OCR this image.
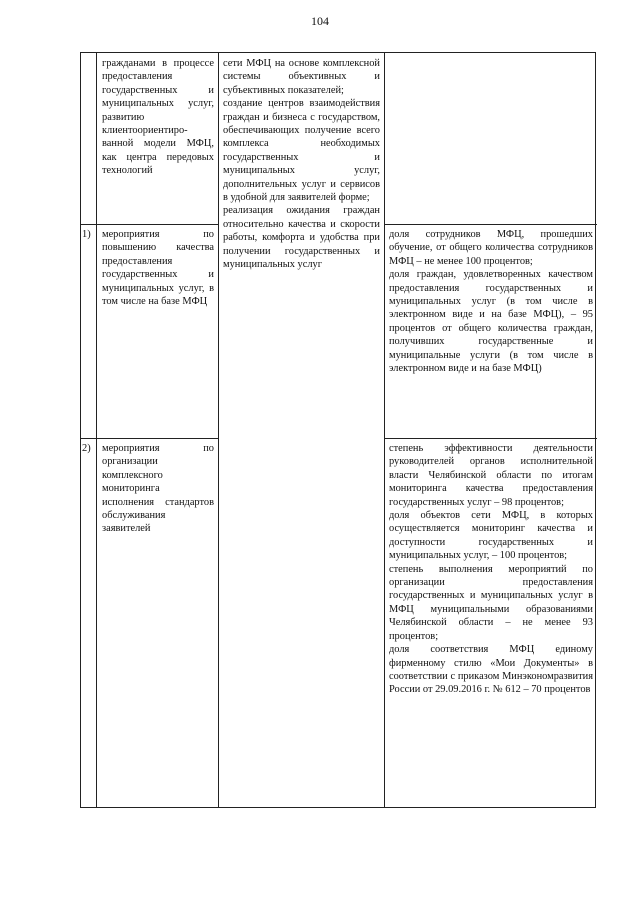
104
гражданами в процессе предоставления государственных и муниципальных услуг, развитию клиентоориентиро-ванной модели МФЦ, как центра передовых технологий
1) мероприятия по повышению качества предоставления государственных и муниципальных услуг, в том числе на базе МФЦ
доля сотрудников МФЦ, прошедших обучение, от общего количества сотрудников МФЦ – не менее 100 процентов;
доля граждан, удовлетворенных качеством предоставления государственных и муниципальных услуг (в том числе в электронном виде и на базе МФЦ), – 95 процентов от общего количества граждан, получивших государственные и муниципальные услуги (в том числе в электронном виде и на базе МФЦ)
2) мероприятия по организации комплексного мониторинга исполнения стандартов обслуживания заявителей
степень эффективности деятельности руководителей органов исполнительной власти Челябинской области по итогам мониторинга качества предоставления государственных услуг – 98 процентов;
доля объектов сети МФЦ, в которых осуществляется мониторинг качества и доступности государственных и муниципальных услуг, – 100 процентов;
степень выполнения мероприятий по организации предоставления государственных и муниципальных услуг в МФЦ муниципальными образованиями Челябинской области – не менее 93 процентов;
доля соответствия МФЦ единому фирменному стилю «Мои Документы» в соответствии с приказом Минэкономразвития России от 29.09.2016 г. № 612 – 70 процентов
сети МФЦ на основе комплексной системы объективных и субъективных показателей;
создание центров взаимодействия граждан и бизнеса с государством, обеспечивающих получение всего комплекса необходимых государственных и муниципальных услуг, дополнительных услуг и сервисов в удобной для заявителей форме;
реализация ожидания граждан относительно качества и скорости работы, комфорта и удобства при получении государственных и муниципальных услуг
